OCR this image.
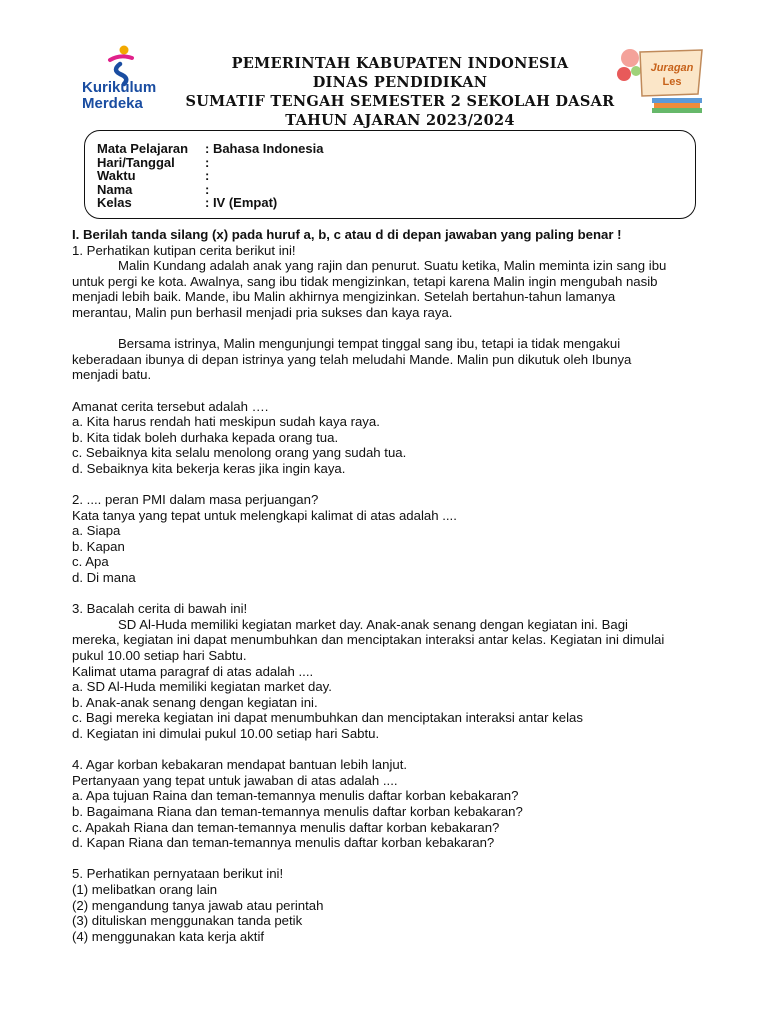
Kurikulum
Merdeka
Juragan
Les
PEMERINTAH KABUPATEN INDONESIA
DINAS PENDIDIKAN
SUMATIF TENGAH SEMESTER 2 SEKOLAH DASAR
TAHUN AJARAN 2023/2024
Mata Pelajaran : Bahasa Indonesia
Hari/Tanggal :
Waktu	:
Nama	:
Kelas	: IV (Empat)

I. Berilah tanda silang (x) pada huruf a, b, c atau d di depan jawaban yang paling benar !

1. Perhatikan kutipan cerita berikut ini!

Malin Kundang adalah anak yang rajin dan penurut. Suatu ketika, Malin meminta izin sang ibu

untuk pergi ke kota. Awalnya, sang ibu tidak mengizinkan, tetapi karena Malin ingin mengubah nasib

menjadi lebih baik. Mande, ibu Malin akhirnya mengizinkan. Setelah bertahun-tahun lamanya

merantau, Malin pun berhasil menjadi pria sukses dan kaya raya.

Bersama istrinya, Malin mengunjungi tempat tinggal sang ibu, tetapi ia tidak mengakui

keberadaan ibunya di depan istrinya yang telah meludahi Mande. Malin pun dikutuk oleh Ibunya

menjadi batu.

Amanat cerita tersebut adalah ….

a. Kita harus rendah hati meskipun sudah kaya raya.

b. Kita tidak boleh durhaka kepada orang tua.

c. Sebaiknya kita selalu menolong orang yang sudah tua.

d. Sebaiknya kita bekerja keras jika ingin kaya.

2. .... peran PMI dalam masa perjuangan?

Kata tanya yang tepat untuk melengkapi kalimat di atas adalah ....

a. Siapa

b. Kapan

c. Apa

d. Di mana

3. Bacalah cerita di bawah ini!

SD Al-Huda memiliki kegiatan market day. Anak-anak senang dengan kegiatan ini. Bagi

mereka, kegiatan ini dapat menumbuhkan dan menciptakan interaksi antar kelas. Kegiatan ini dimulai

pukul 10.00 setiap hari Sabtu.

Kalimat utama paragraf di atas adalah ....

a. SD Al-Huda memiliki kegiatan market day.

b. Anak-anak senang dengan kegiatan ini.

c. Bagi mereka kegiatan ini dapat menumbuhkan dan menciptakan interaksi antar kelas

d. Kegiatan ini dimulai pukul 10.00 setiap hari Sabtu.

4. Agar korban kebakaran mendapat bantuan lebih lanjut.

Pertanyaan yang tepat untuk jawaban di atas adalah ....

a. Apa tujuan Raina dan teman-temannya menulis daftar korban kebakaran?

b. Bagaimana Riana dan teman-temannya menulis daftar korban kebakaran?

c. Apakah Riana dan teman-temannya menulis daftar korban kebakaran?

d. Kapan Riana dan teman-temannya menulis daftar korban kebakaran?

5. Perhatikan pernyataan berikut ini!

(1) melibatkan orang lain

(2) mengandung tanya jawab atau perintah

(3) dituliskan menggunakan tanda petik

(4) menggunakan kata kerja aktif
